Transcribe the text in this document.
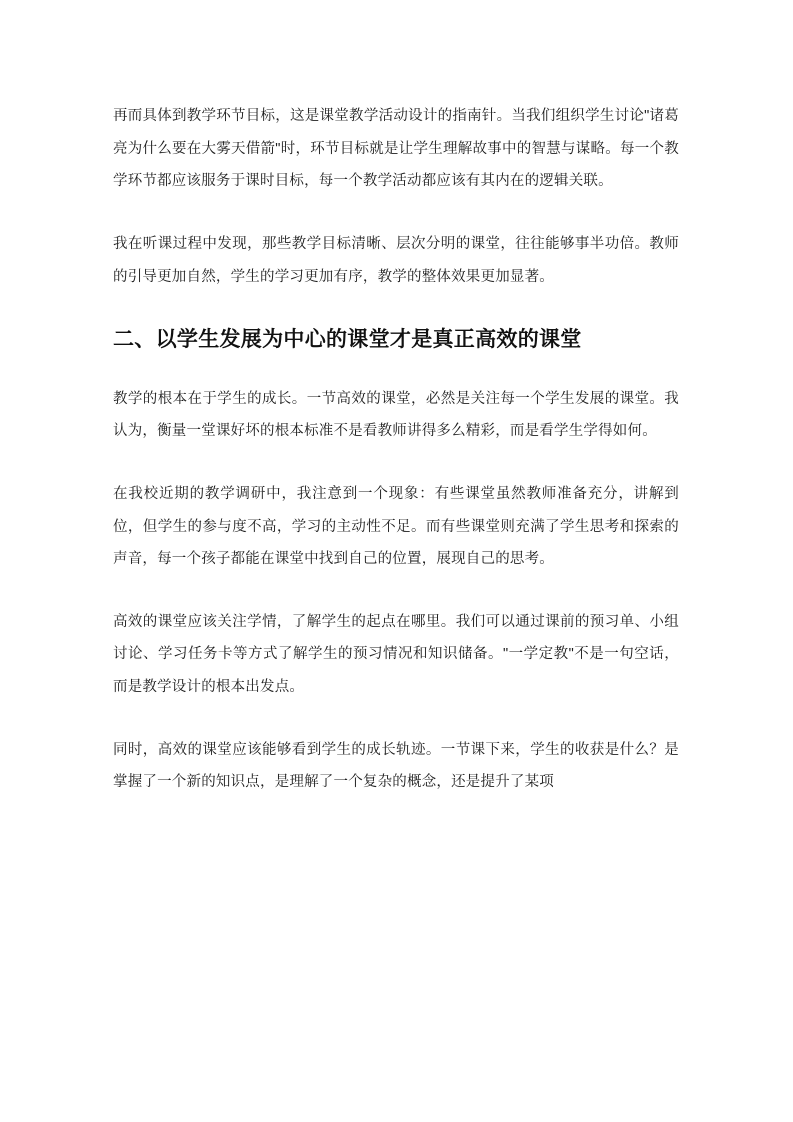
再而具体到教学环节目标，这是课堂教学活动设计的指南针。当我们组织学生讨论"诸葛亮为什么要在大雾天借箭"时，环节目标就是让学生理解故事中的智慧与谋略。每一个教学环节都应该服务于课时目标，每一个教学活动都应该有其内在的逻辑关联。

我在听课过程中发现，那些教学目标清晰、层次分明的课堂，往往能够事半功倍。教师的引导更加自然，学生的学习更加有序，教学的整体效果更加显著。

二、以学生发展为中心的课堂才是真正高效的课堂

教学的根本在于学生的成长。一节高效的课堂，必然是关注每一个学生发展的课堂。我认为，衡量一堂课好坏的根本标准不是看教师讲得多么精彩，而是看学生学得如何。

在我校近期的教学调研中，我注意到一个现象：有些课堂虽然教师准备充分，讲解到位，但学生的参与度不高，学习的主动性不足。而有些课堂则充满了学生思考和探索的声音，每一个孩子都能在课堂中找到自己的位置，展现自己的思考。

高效的课堂应该关注学情，了解学生的起点在哪里。我们可以通过课前的预习单、小组讨论、学习任务卡等方式了解学生的预习情况和知识储备。"一学定教"不是一句空话，而是教学设计的根本出发点。

同时，高效的课堂应该能够看到学生的成长轨迹。一节课下来，学生的收获是什么？是掌握了一个新的知识点，是理解了一个复杂的概念，还是提升了某项
